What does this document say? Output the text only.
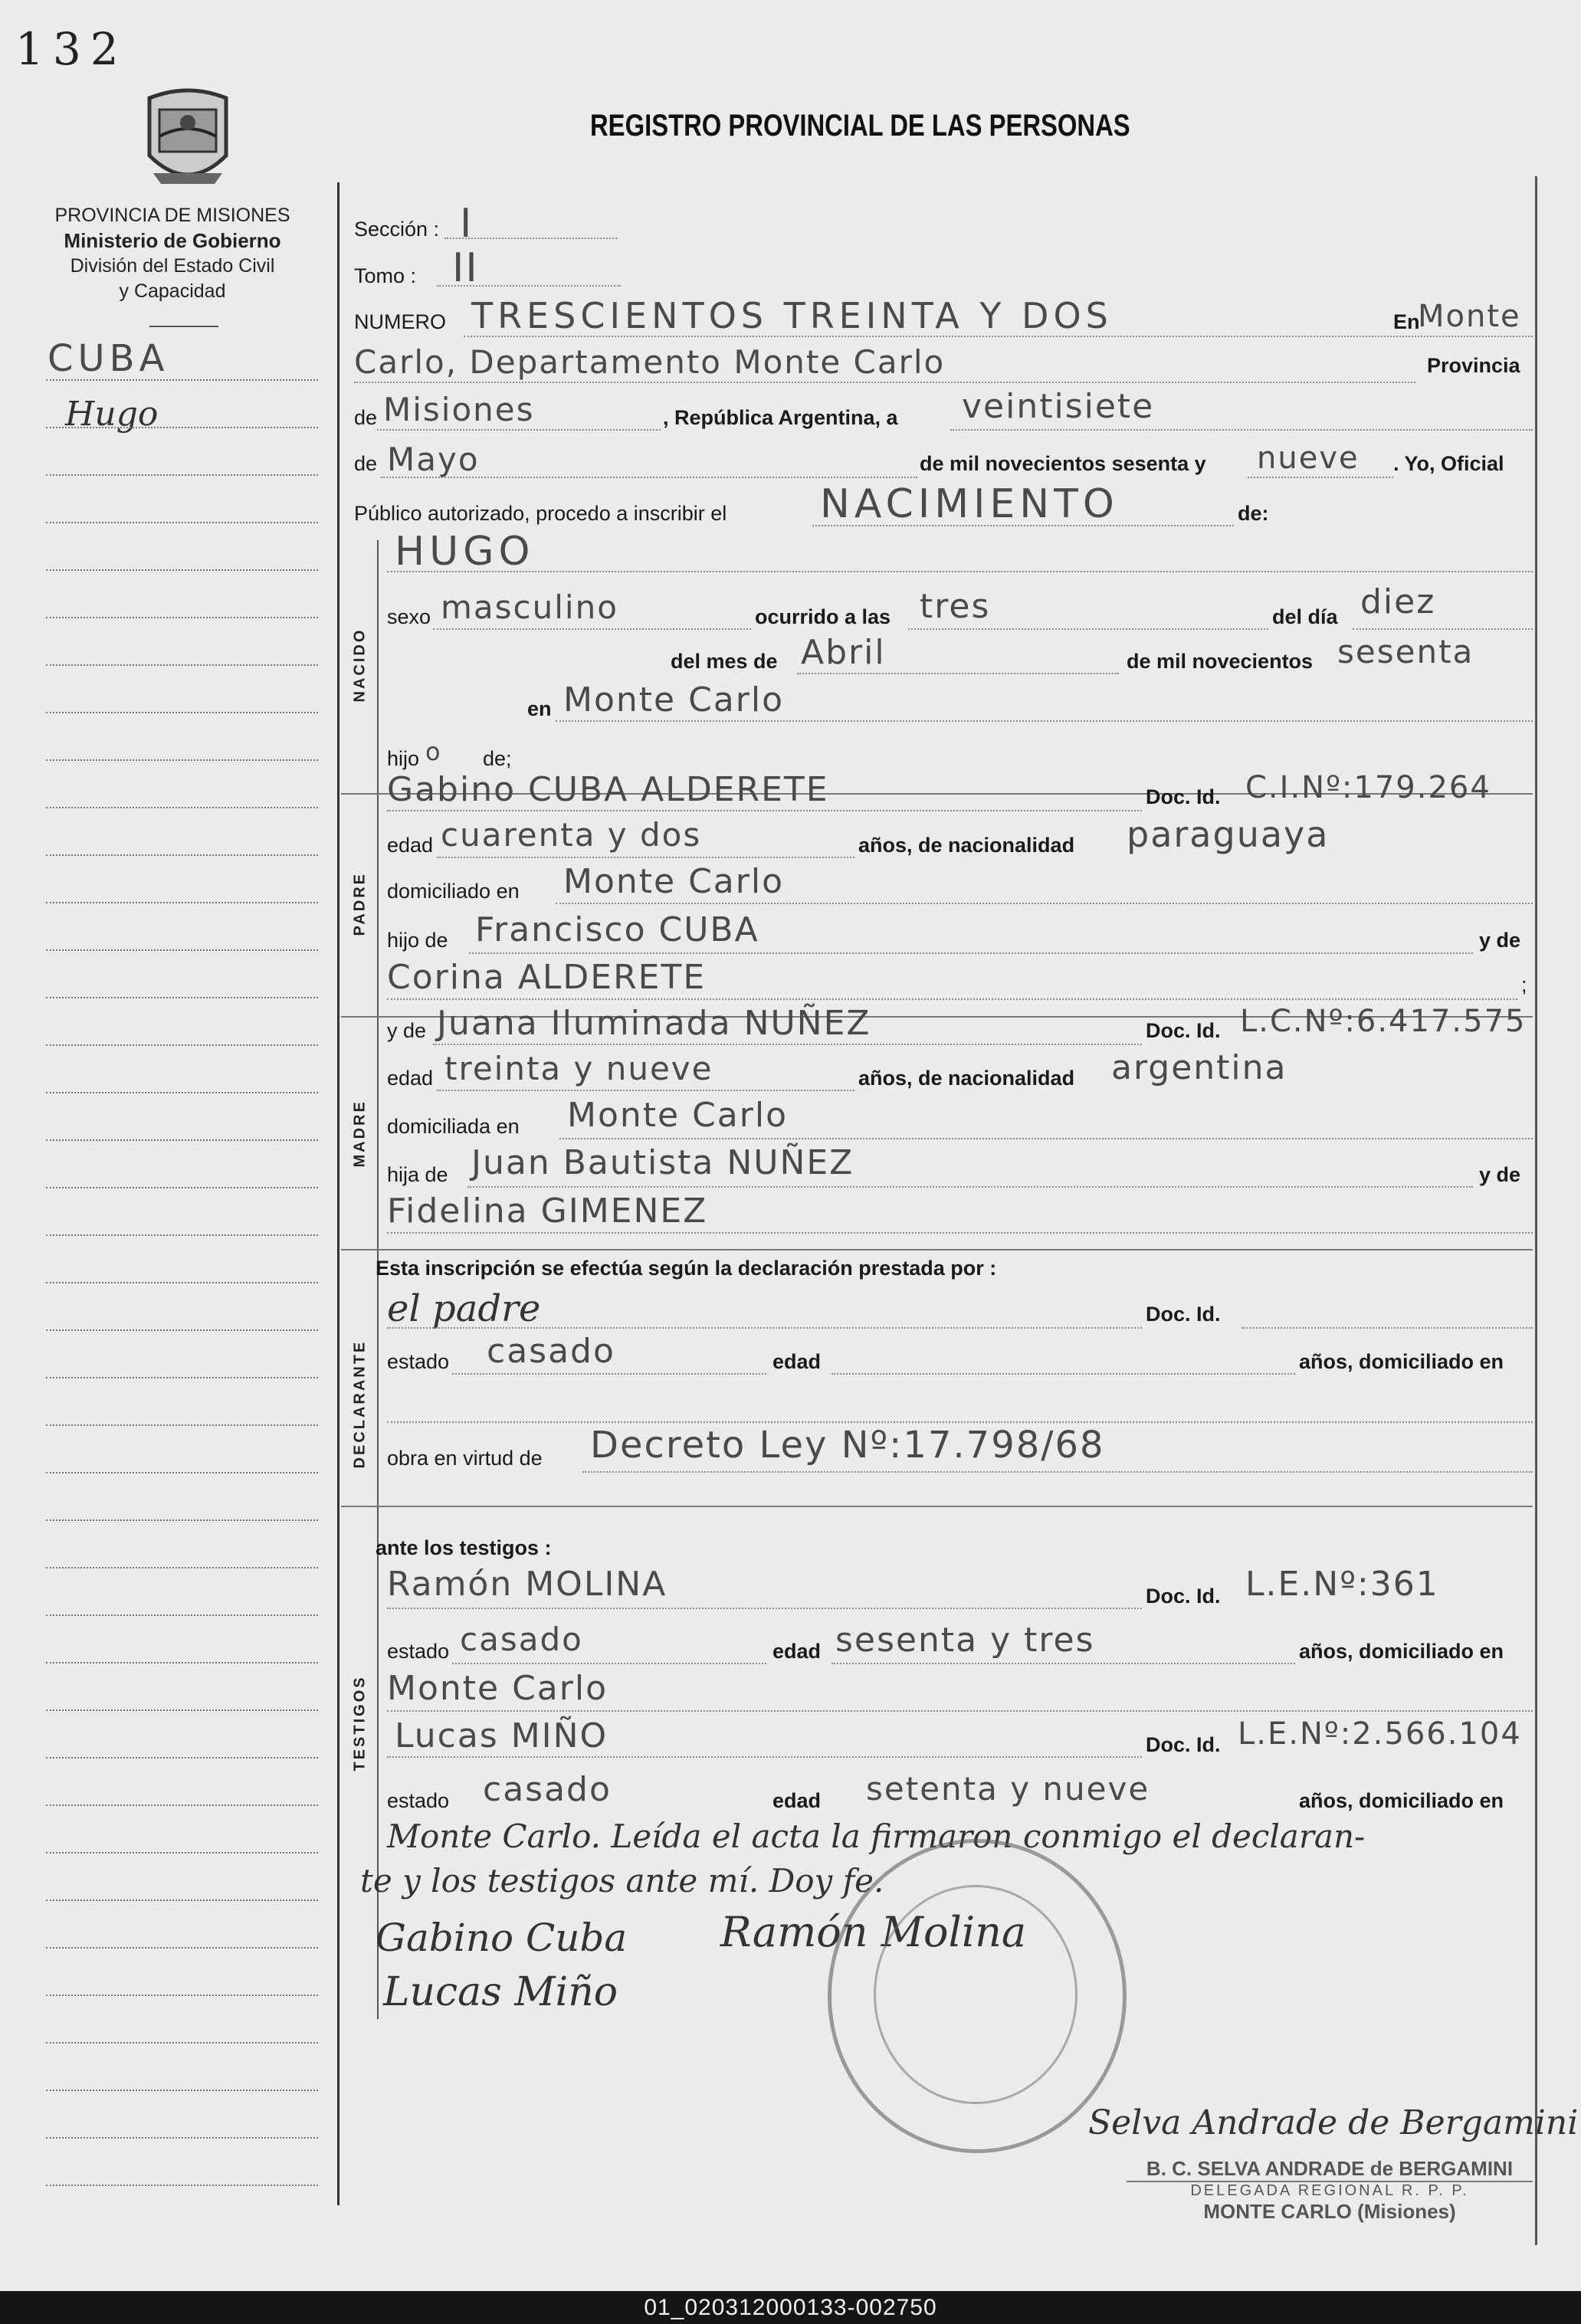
132
REGISTRO PROVINCIAL DE LAS PERSONAS
PROVINCIA DE MISIONES
Ministerio de Gobierno
División del Estado Civil
y Capacidad
CUBA
Hugo
NACIDO
PADRE
MADRE
DECLARANTE
TESTIGOS
Sección : I
Tomo : II
NUMERO TRESCIENTOS TREINTA Y DOS	En
Monte
Carlo, Departamento Monte Carlo	Provincia
de Misiones	, República Argentina, a veintisiete
de Mayo	de mil novecientos sesenta y nueve . Yo, Oficial
Público autorizado, procedo a inscribir el NACIMIENTO	de:
HUGO
sexo masculino	ocurrido a las tres	del día diez
del mes de Abril	de mil novecientos sesenta
en Monte Carlo
hijo o de;
Gabino CUBA ALDERETE	Doc. Id. C.I.Nº:179.264
edad cuarenta y dos	años, de nacionalidad paraguaya
domiciliado en Monte Carlo
hijo de Francisco CUBA	y de
Corina ALDERETE	;
y de Juana Iluminada NUÑEZ	Doc. Id. L.C.Nº:6.417.575
edad treinta y nueve	años, de nacionalidad argentina
domiciliada en Monte Carlo
hija de Juan Bautista NUÑEZ	y de
Fidelina GIMENEZ
Esta inscripción se efectúa según la declaración prestada por :
el padre	Doc. Id.
estado casado	edad	años, domiciliado en
obra en virtud de Decreto Ley Nº:17.798/68
ante los testigos :
Ramón MOLINA	Doc. Id. L.E.Nº:361
estado casado	edad sesenta y tres	años, domiciliado en
Monte Carlo
Lucas MIÑO	Doc. Id. L.E.Nº:2.566.104
estado casado	edad setenta y nueve	años, domiciliado en
Monte Carlo. Leída el acta la firmaron conmigo el declaran-
te y los testigos ante mí. Doy fe.
Gabino Cuba Ramón Molina
Lucas Miño
Selva Andrade de Bergamini
B. C. SELVA ANDRADE de BERGAMINI
DELEGADA REGIONAL R. P. P.
MONTE CARLO (Misiones)
01_020312000133-002750
